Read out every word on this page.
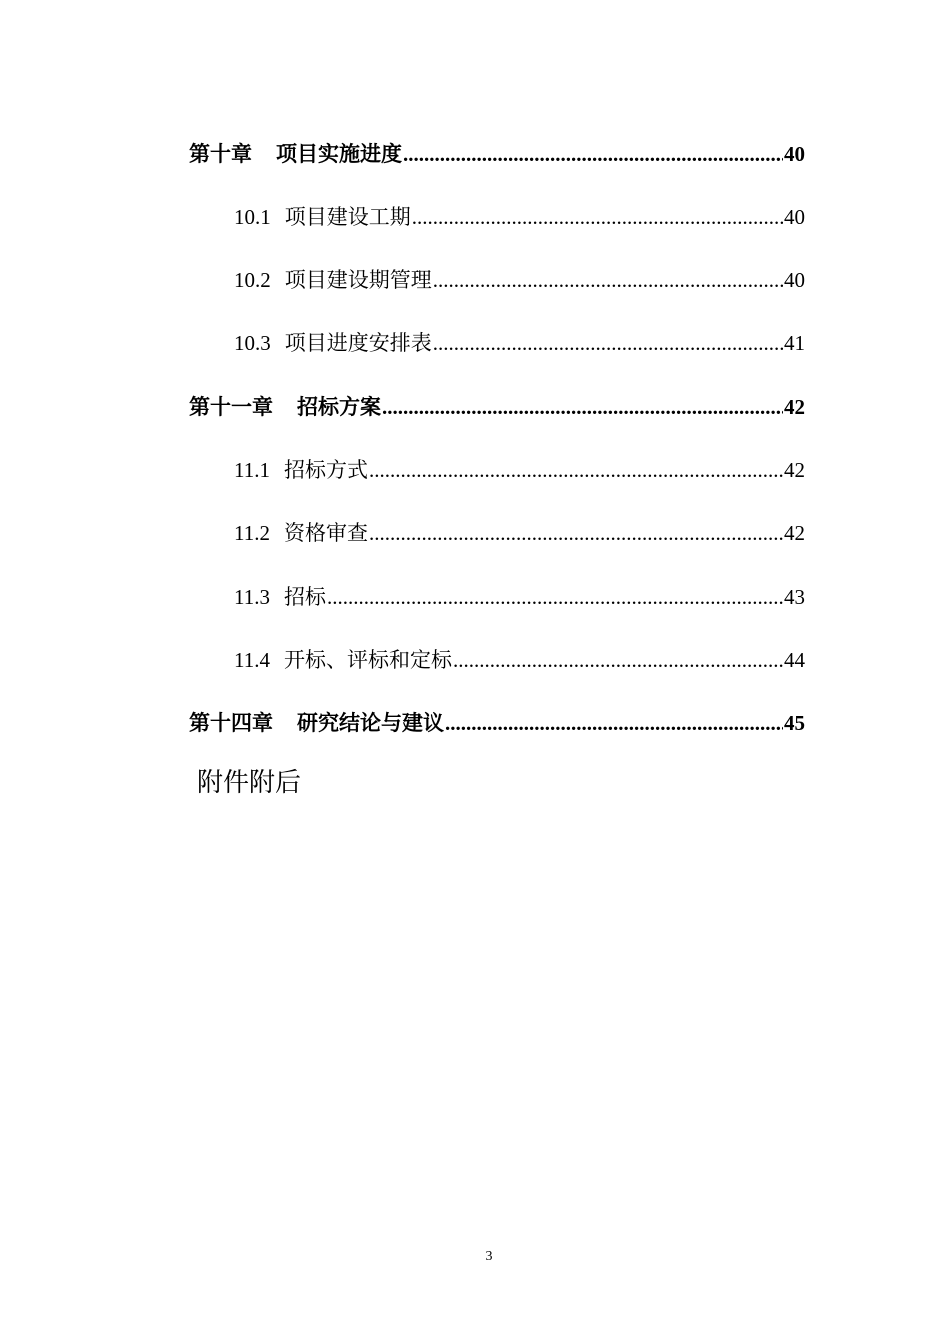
第十章 项目实施进度 .....	40
10.1 项目建设工期 .....	40
10.2 项目建设期管理 .....	40
10.3 项目进度安排表 .....	41
第十一章 招标方案 .....	42
11.1 招标方式 .....	42
11.2 资格审查 .....	42
11.3 招标 .....	43
11.4 开标、评标和定标 .....	44
第十四章 研究结论与建议 .....	45
附件附后
3
